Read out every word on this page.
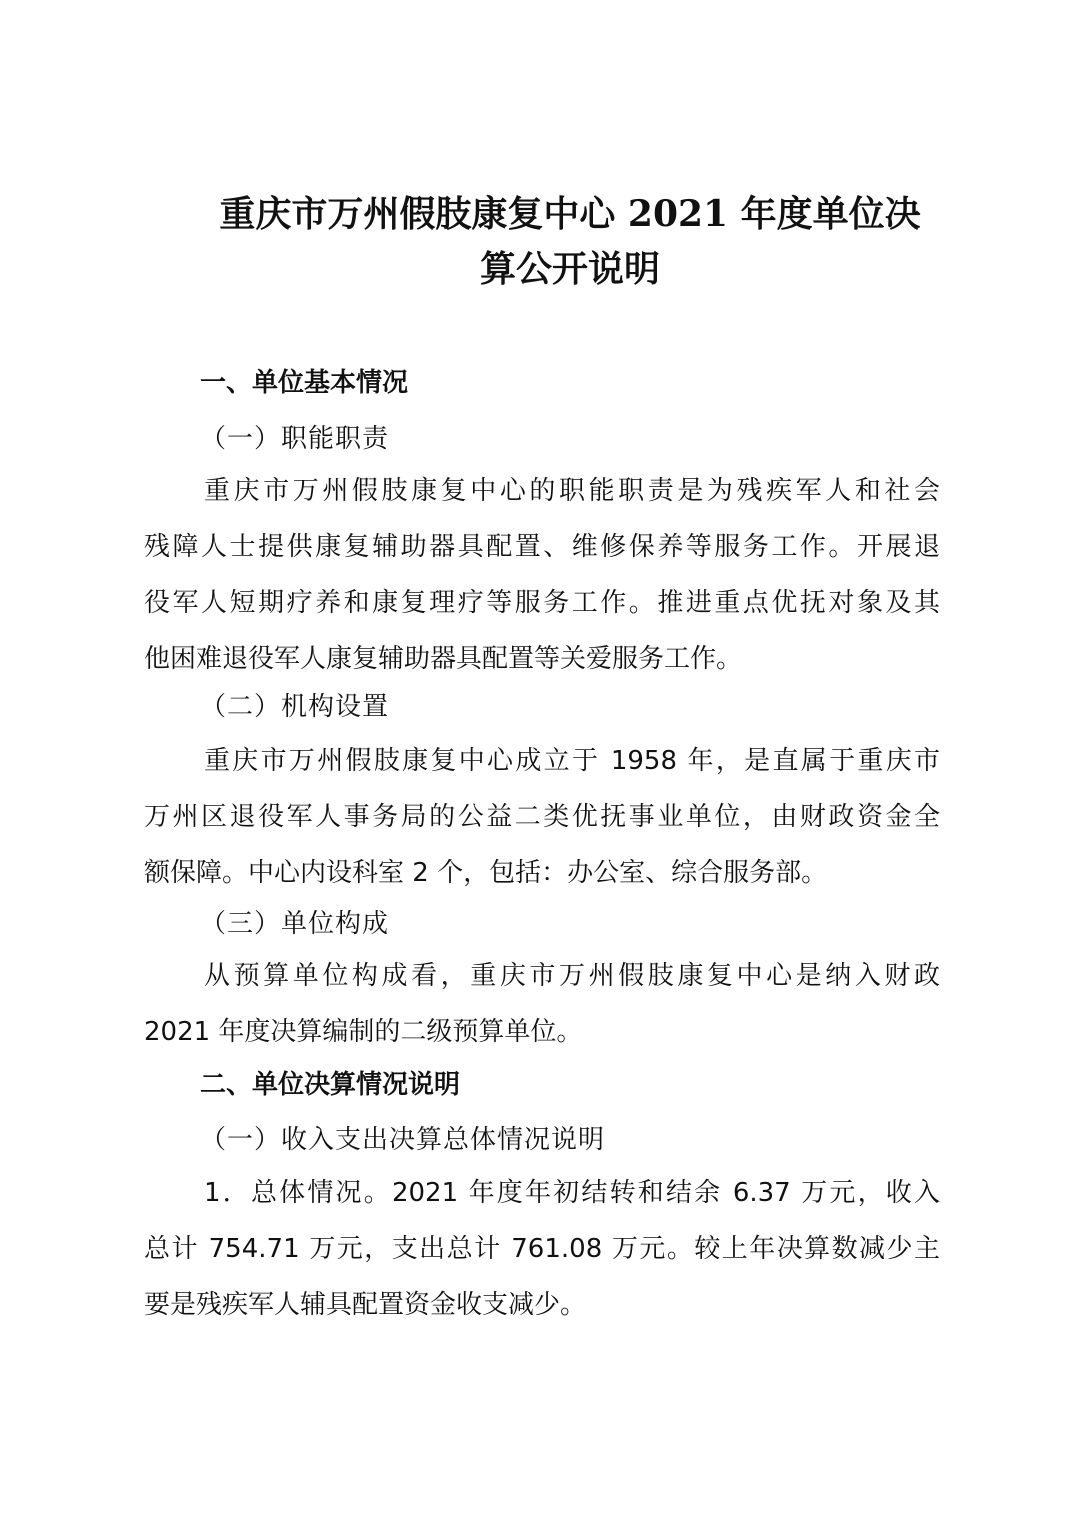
重庆市万州假肢康复中心 2021 年度单位决
算公开说明
一、单位基本情况
（一）职能职责
重庆市万州假肢康复中心的职能职责是为残疾军人和社会
残障人士提供康复辅助器具配置、维修保养等服务工作。开展退
役军人短期疗养和康复理疗等服务工作。推进重点优抚对象及其
他困难退役军人康复辅助器具配置等关爱服务工作。
（二）机构设置
重庆市万州假肢康复中心成立于 1958 年，是直属于重庆市
万州区退役军人事务局的公益二类优抚事业单位，由财政资金全
额保障。中心内设科室 2 个，包括：办公室、综合服务部。
（三）单位构成
从预算单位构成看，重庆市万州假肢康复中心是纳入财政
2021 年度决算编制的二级预算单位。
二、单位决算情况说明
（一）收入支出决算总体情况说明
1．总体情况。2021 年度年初结转和结余 6.37 万元，收入
总计 754.71 万元，支出总计 761.08 万元。较上年决算数减少主
要是残疾军人辅具配置资金收支减少。
